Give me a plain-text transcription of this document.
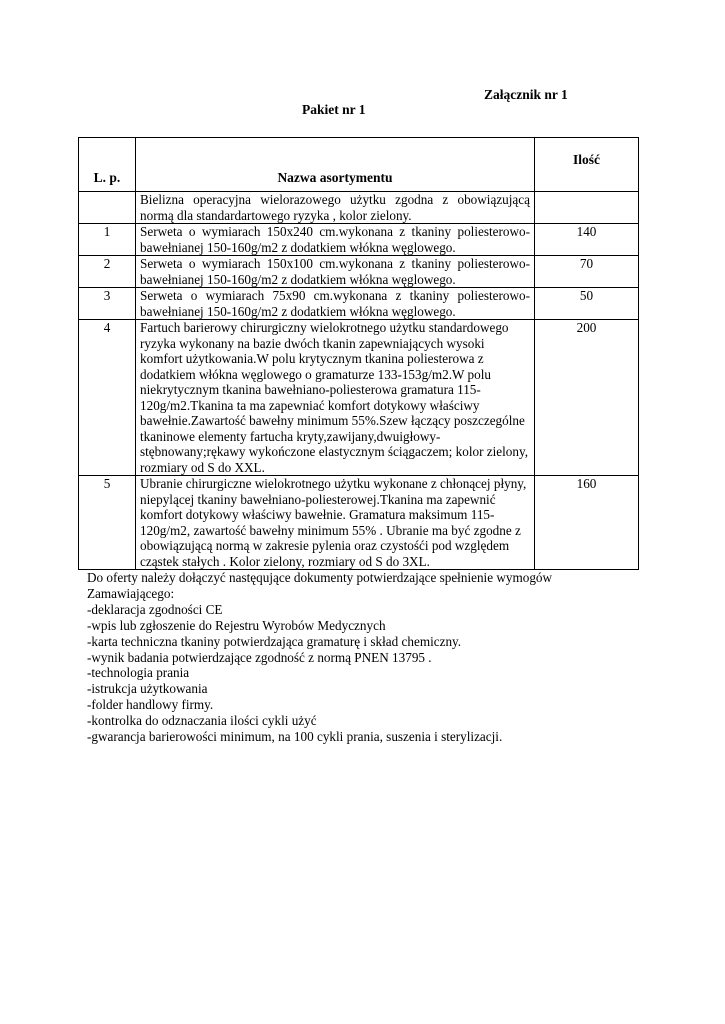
Załącznik nr 1
Pakiet nr 1
L. p.	Nazwa asortymentu	Ilość
	Bielizna operacyjna wielorazowego użytku zgodna z obowiązującą normą dla standardartowego ryzyka , kolor zielony.	
1	Serweta o wymiarach 150x240 cm.wykonana z tkaniny poliesterowo-bawełnianej 150-160g/m2 z dodatkiem włókna węglowego.	140
2	Serweta o wymiarach 150x100 cm.wykonana z tkaniny poliesterowo-bawełnianej 150-160g/m2 z dodatkiem włókna węglowego.	70
3	Serweta o wymiarach 75x90 cm.wykonana z tkaniny poliesterowo-bawełnianej 150-160g/m2 z dodatkiem włókna węglowego.	50
4	Fartuch barierowy chirurgiczny wielokrotnego użytku standardowego ryzyka wykonany na bazie dwóch tkanin zapewniających wysoki komfort użytkowania.W polu krytycznym tkanina poliesterowa z dodatkiem włókna węglowego o gramaturze 133-153g/m2.W polu niekrytycznym tkanina bawełniano-poliesterowa gramatura 115-120g/m2.Tkanina ta ma zapewniać komfort dotykowy właściwy bawełnie.Zawartość bawełny minimum 55%.Szew łączący poszczególne tkaninowe elementy fartucha kryty,zawijany,dwuigłowy-stębnowany;rękawy wykończone elastycznym ściągaczem; kolor zielony, rozmiary od S do XXL.	200
5	Ubranie chirurgiczne wielokrotnego użytku wykonane z chłonącej płyny, niepylącej tkaniny bawełniano-poliesterowej.Tkanina ma zapewnić komfort dotykowy właściwy bawełnie. Gramatura maksimum 115-120g/m2, zawartość bawełny minimum 55% . Ubranie ma być zgodne z obowiązującą normą w zakresie pylenia oraz czystośći pod względem cząstek stałych . Kolor zielony, rozmiary od S do 3XL.	160
Do oferty należy dołączyć nastęqujące dokumenty potwierdzające spełnienie wymogów
Zamawiającego:
-deklaracja zgodności CE
-wpis lub zgłoszenie do Rejestru Wyrobów Medycznych
-karta techniczna tkaniny potwierdzająca gramaturę i skład chemiczny.
-wynik badania potwierdzające zgodność z normą PNEN 13795 .
-technologia prania
-istrukcja użytkowania
-folder handlowy firmy.
-kontrolka do odznaczania ilości cykli użyć
-gwarancja barierowości minimum, na 100 cykli prania, suszenia i sterylizacji.
